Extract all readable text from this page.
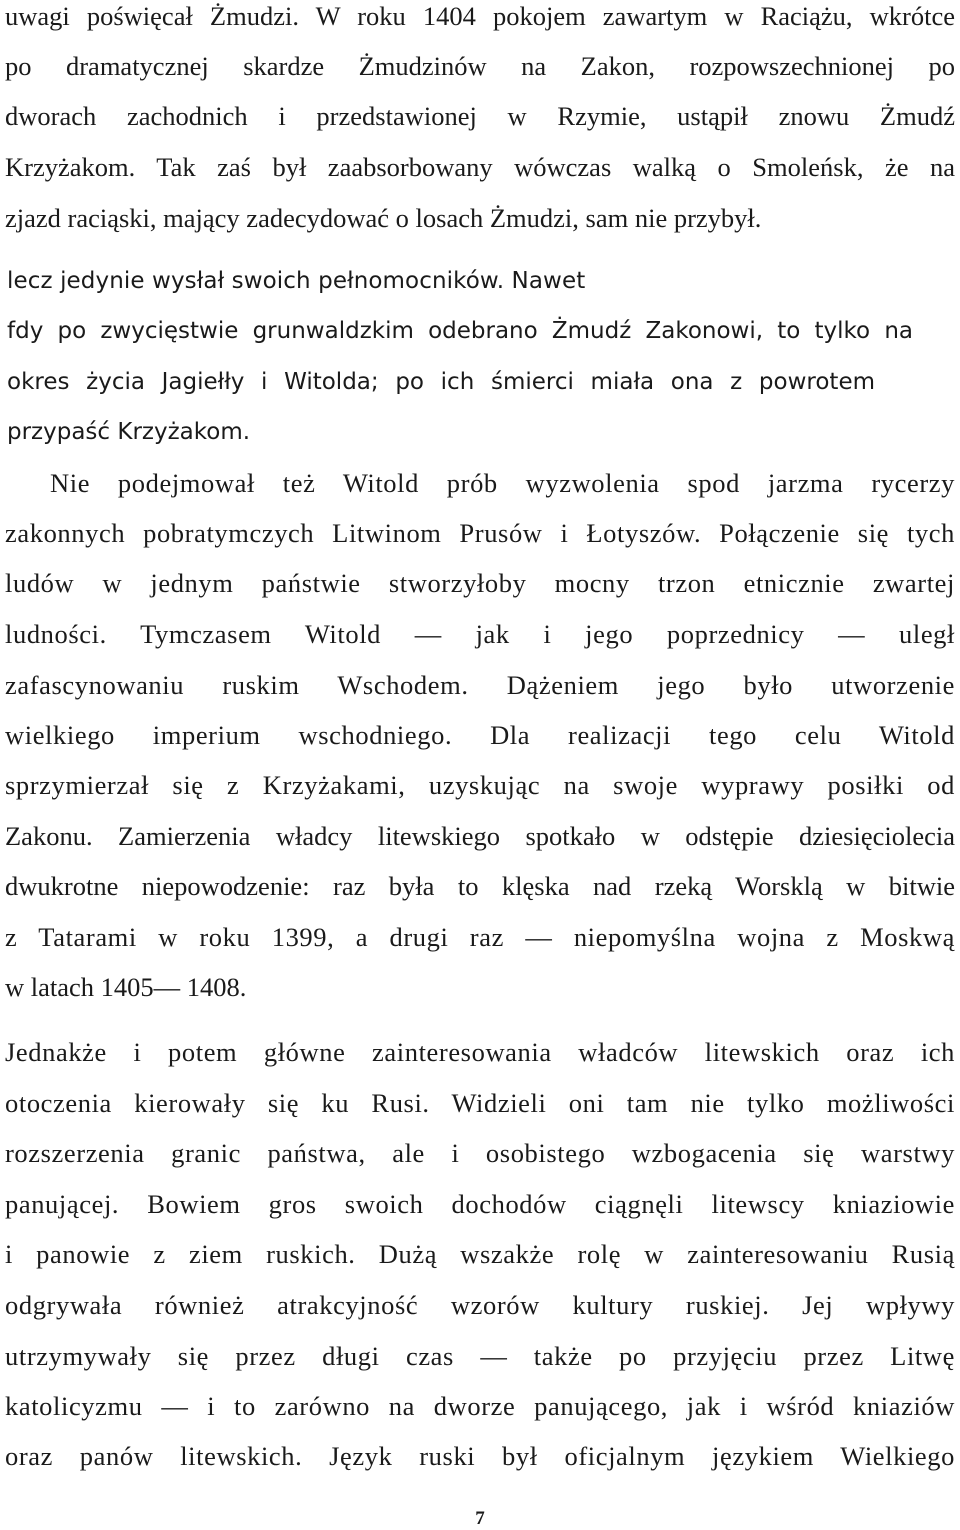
uwagi poświęcał Żmudzi. W roku 1404 pokojem zawartym w Raciążu, wkrótce
po dramatycznej skardze Żmudzinów na Zakon, rozpowszechnionej po
dworach zachodnich i przedstawionej w Rzymie, ustąpił znowu Żmudź
Krzyżakom. Tak zaś był zaabsorbowany wówczas walką o Smoleńsk, że na
zjazd raciąski, mający zadecydować o losach Żmudzi, sam nie przybył.
lecz jedynie wysłał swoich pełnomocników. Nawet
fdy po zwycięstwie grunwaldzkim odebrano Żmudź Zakonowi, to tylko na
okres życia Jagiełły i Witolda; po ich śmierci miała ona z powrotem
przypaść Krzyżakom.
Nie podejmował też Witold prób wyzwolenia spod jarzma rycerzy
zakonnych pobratymczych Litwinom Prusów i Łotyszów. Połączenie się tych
ludów w jednym państwie stworzyłoby mocny trzon etnicznie zwartej
ludności. Tymczasem Witold — jak i jego poprzednicy — uległ
zafascynowaniu ruskim Wschodem. Dążeniem jego było utworzenie
wielkiego imperium wschodniego. Dla realizacji tego celu Witold
sprzymierzał się z Krzyżakami, uzyskując na swoje wyprawy posiłki od
Zakonu. Zamierzenia władcy litewskiego spotkało w odstępie dziesięciolecia
dwukrotne niepowodzenie: raz była to klęska nad rzeką Worsklą w bitwie
z Tatarami w roku 1399, a drugi raz — niepomyślna wojna z Moskwą
w latach 1405— 1408.
Jednakże i potem główne zainteresowania władców litewskich oraz ich
otoczenia kierowały się ku Rusi. Widzieli oni tam nie tylko możliwości
rozszerzenia granic państwa, ale i osobistego wzbogacenia się warstwy
panującej. Bowiem gros swoich dochodów ciągnęli litewscy kniaziowie
i panowie z ziem ruskich. Dużą wszakże rolę w zainteresowaniu Rusią
odgrywała również atrakcyjność wzorów kultury ruskiej. Jej wpływy
utrzymywały się przez długi czas — także po przyjęciu przez Litwę
katolicyzmu — i to zarówno na dworze panującego, jak i wśród kniaziów
oraz panów litewskich. Język ruski był oficjalnym językiem Wielkiego
7
